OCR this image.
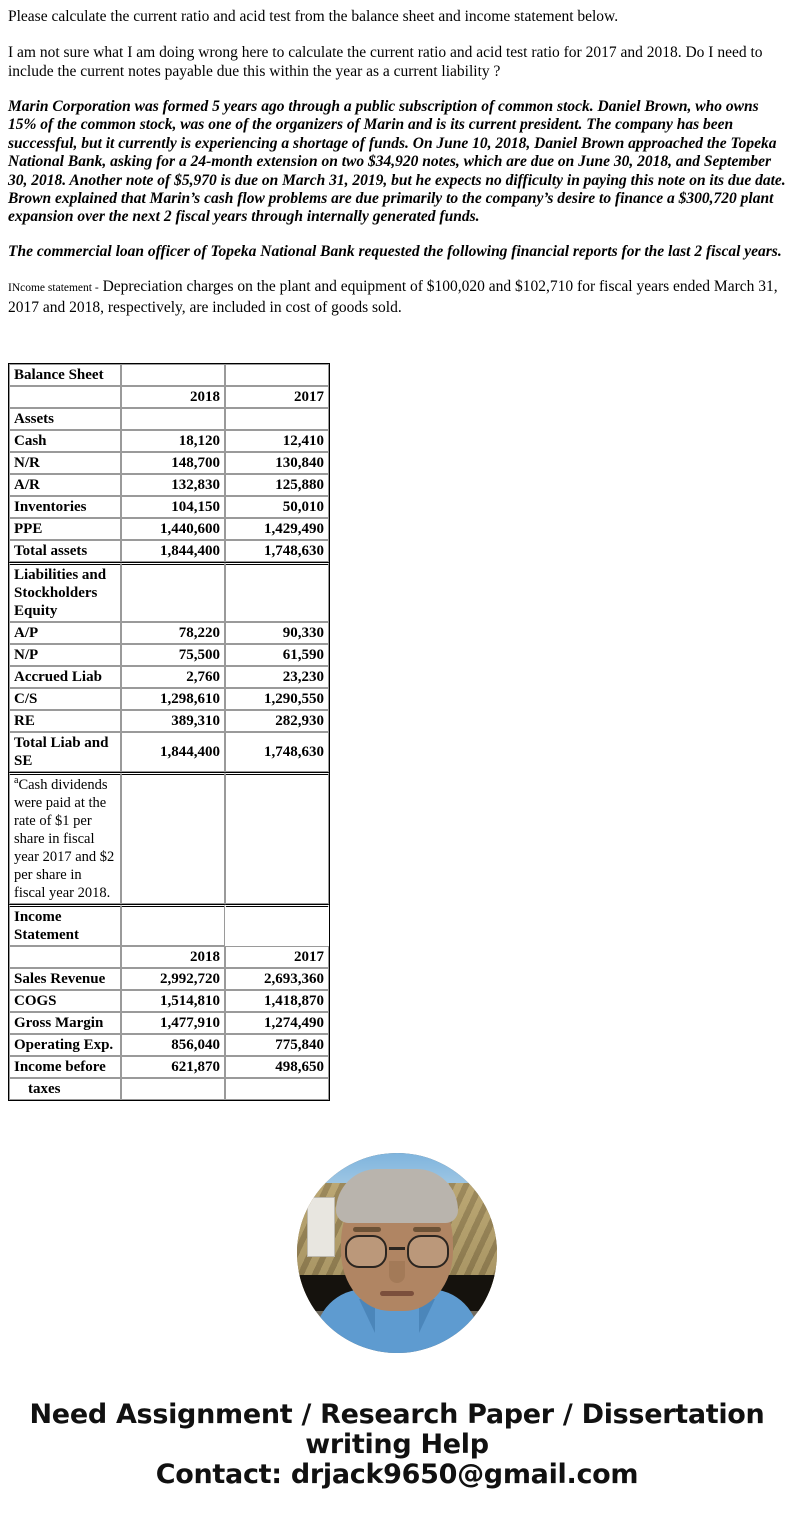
Please calculate the current ratio and acid test from the balance sheet and income statement below.

I am not sure what I am doing wrong here to calculate the current ratio and acid test ratio for 2017 and 2018. Do I need to include the current notes payable due this within the year as a current liability ?

Marin Corporation was formed 5 years ago through a public subscription of common stock. Daniel Brown, who owns 15% of the common stock, was one of the organizers of Marin and is its current president. The company has been successful, but it currently is experiencing a shortage of funds. On June 10, 2018, Daniel Brown approached the Topeka National Bank, asking for a 24-month extension on two $34,920 notes, which are due on June 30, 2018, and September 30, 2018. Another note of $5,970 is due on March 31, 2019, but he expects no difficulty in paying this note on its due date. Brown explained that Marin’s cash flow problems are due primarily to the company’s desire to finance a $300,720 plant expansion over the next 2 fiscal years through internally generated funds.

The commercial loan officer of Topeka National Bank requested the following financial reports for the last 2 fiscal years.

INcome statement - Depreciation charges on the plant and equipment of $100,020 and $102,710 for fiscal years ended March 31, 2017 and 2018, respectively, are included in cost of goods sold.

Balance Sheet		
	2018	2017
Assets		
Cash	18,120	12,410
N/R	148,700	130,840
A/R	132,830	125,880
Inventories	104,150	50,010
PPE	1,440,600	1,429,490
Total assets	1,844,400	1,748,630
Liabilities and Stockholders Equity		
A/P	78,220	90,330
N/P	75,500	61,590
Accrued Liab	2,760	23,230
C/S	1,298,610	1,290,550
RE	389,310	282,930
Total Liab and SE	1,844,400	1,748,630
$^a$Cash dividends were paid at the rate of $1 per share in fiscal year 2017 and $2 per share in fiscal year 2018.		
Income Statement		
	2018	2017
Sales Revenue	2,992,720	2,693,360
COGS	1,514,810	1,418,870
Gross Margin	1,477,910	1,274,490
Operating Exp.	856,040	775,840
Income before	621,870	498,650
taxes		
Need Assignment / Research Paper / Dissertation
writing Help
Contact: drjack9650@gmail.com
